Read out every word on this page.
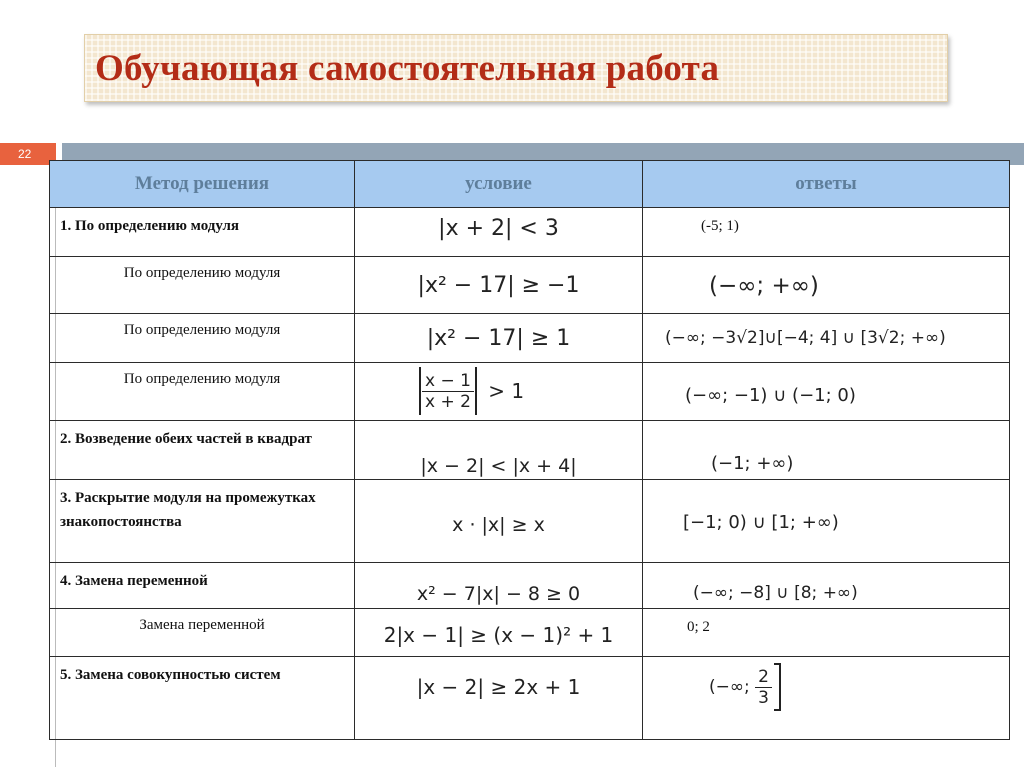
Обучающая самостоятельная работа
22
Метод решения	условие	ответы
1. По определению модуля	|x + 2| < 3	(-5; 1)

По определению модуля	|x² − 17| ≥ −1	(−∞; +∞)
По определению модуля	|x² − 17| ≥ 1	(−∞; −3√2]∪[−4; 4] ∪ [3√2; +∞)
По определению модуля	$\frac{x - 1}{x + 2} > 1$	(−∞; −1) ∪ (−1; 0)
2. Возведение обеих частей в квадрат	|x − 2| < |x + 4|	(−1; +∞)
3. Раскрытие модуля на промежутках знакопостоянства	x · |x| ≥ x	[−1; 0) ∪ [1; +∞)
4. Замена переменной	x² − 7|x| − 8 ≥ 0	(−∞; −8] ∪ [8; +∞)
Замена переменной	2|x − 1| ≥ (x − 1)² + 1	0; 2

5. Замена совокупностью систем	|x − 2| ≥ 2x + 1	(−∞; $\frac{2}{3}$
